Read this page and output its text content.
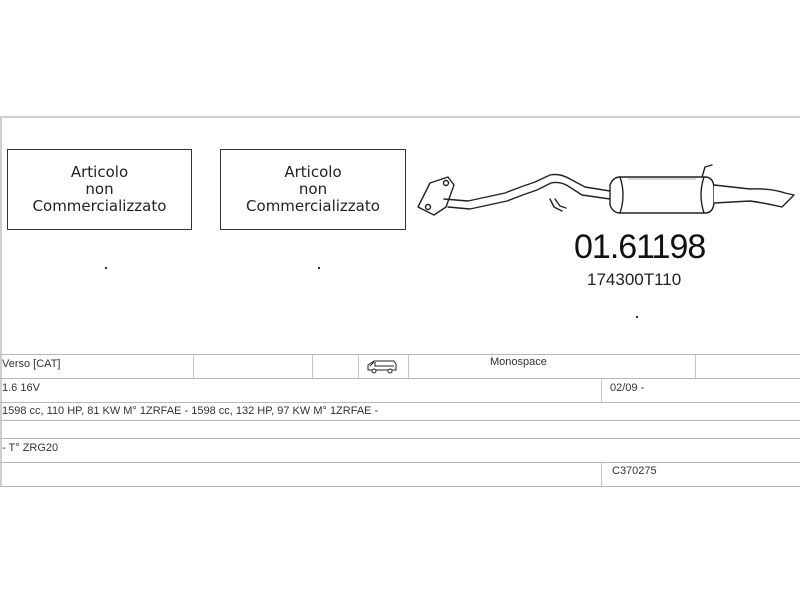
Articolo
non
Commercializzato
Articolo
non
Commercializzato
01.61198
174300T110
Verso [CAT]	Monospace
1.6 16V	02/09 -
1598 cc, 110 HP, 81 KW M° 1ZRFAE - 1598 cc, 132 HP, 97 KW M° 1ZRFAE -
- T° ZRG20
C370275
